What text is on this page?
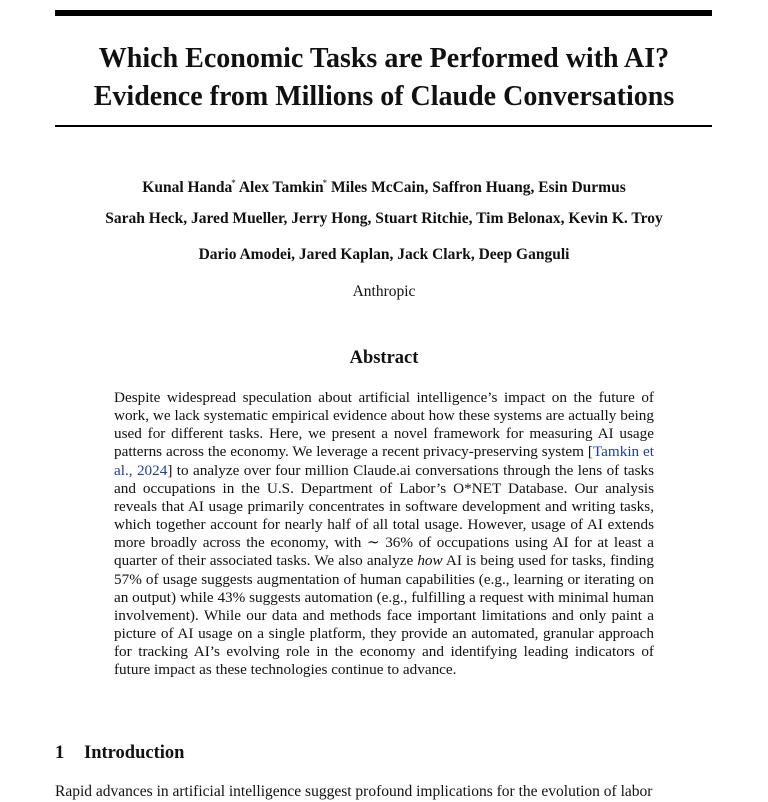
Which Economic Tasks are Performed with AI?
Evidence from Millions of Claude Conversations

Kunal Handa* Alex Tamkin* Miles McCain, Saffron Huang, Esin Durmus

Sarah Heck, Jared Mueller, Jerry Hong, Stuart Ritchie, Tim Belonax, Kevin K. Troy

Dario Amodei, Jared Kaplan, Jack Clark, Deep Ganguli

Anthropic

Abstract

Despite widespread speculation about artificial intelligence’s impact on the future of work, we lack systematic empirical evidence about how these systems are actually being used for different tasks. Here, we present a novel framework for measuring AI usage patterns across the economy. We leverage a recent privacy-preserving system [Tamkin et al., 2024] to analyze over four million Claude.ai conversations through the lens of tasks and occupations in the U.S. Department of Labor’s O*NET Database. Our analysis reveals that AI usage primarily concentrates in software development and writing tasks, which together account for nearly half of all total usage. However, usage of AI extends more broadly across the economy, with ∼ 36% of occupations using AI for at least a quarter of their associated tasks. We also analyze how AI is being used for tasks, finding 57% of usage suggests augmentation of human capabilities (e.g., learning or iterating on an output) while 43% suggests automation (e.g., fulfilling a request with minimal human involvement). While our data and methods face important limitations and only paint a picture of AI usage on a single platform, they provide an automated, granular approach for tracking AI’s evolving role in the economy and identifying leading indicators of future impact as these technologies continue to advance.

1 Introduction

Rapid advances in artificial intelligence suggest profound implications for the evolution of labor
